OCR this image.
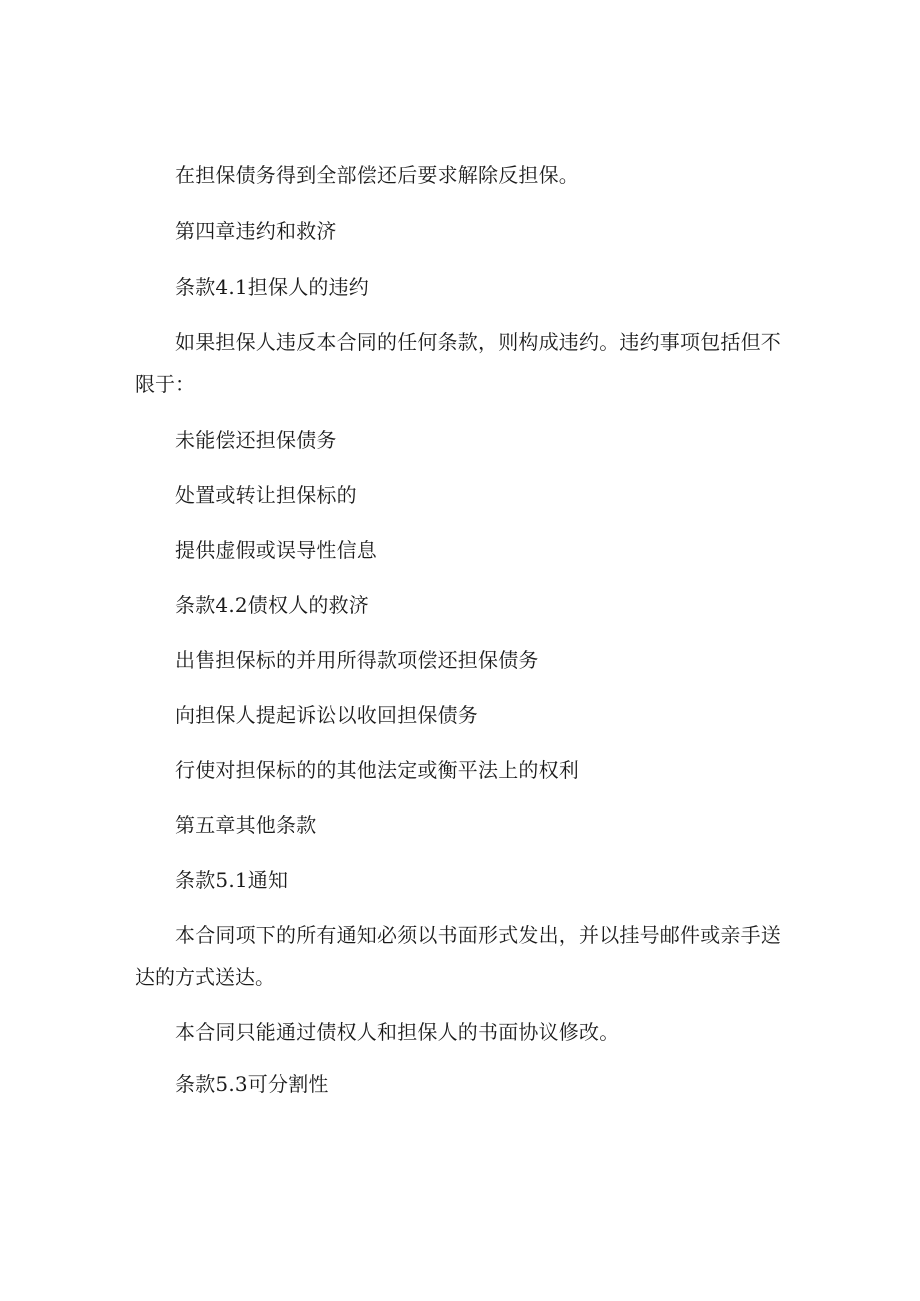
在担保债务得到全部偿还后要求解除反担保。

第四章违约和救济

条款4.1担保人的违约

如果担保人违反本合同的任何条款，则构成违约。违约事项包括但不

限于：

未能偿还担保债务

处置或转让担保标的

提供虚假或误导性信息

条款4.2债权人的救济

出售担保标的并用所得款项偿还担保债务

向担保人提起诉讼以收回担保债务

行使对担保标的的其他法定或衡平法上的权利

第五章其他条款

条款5.1通知

本合同项下的所有通知必须以书面形式发出，并以挂号邮件或亲手送

达的方式送达。

本合同只能通过债权人和担保人的书面协议修改。

条款5.3可分割性
